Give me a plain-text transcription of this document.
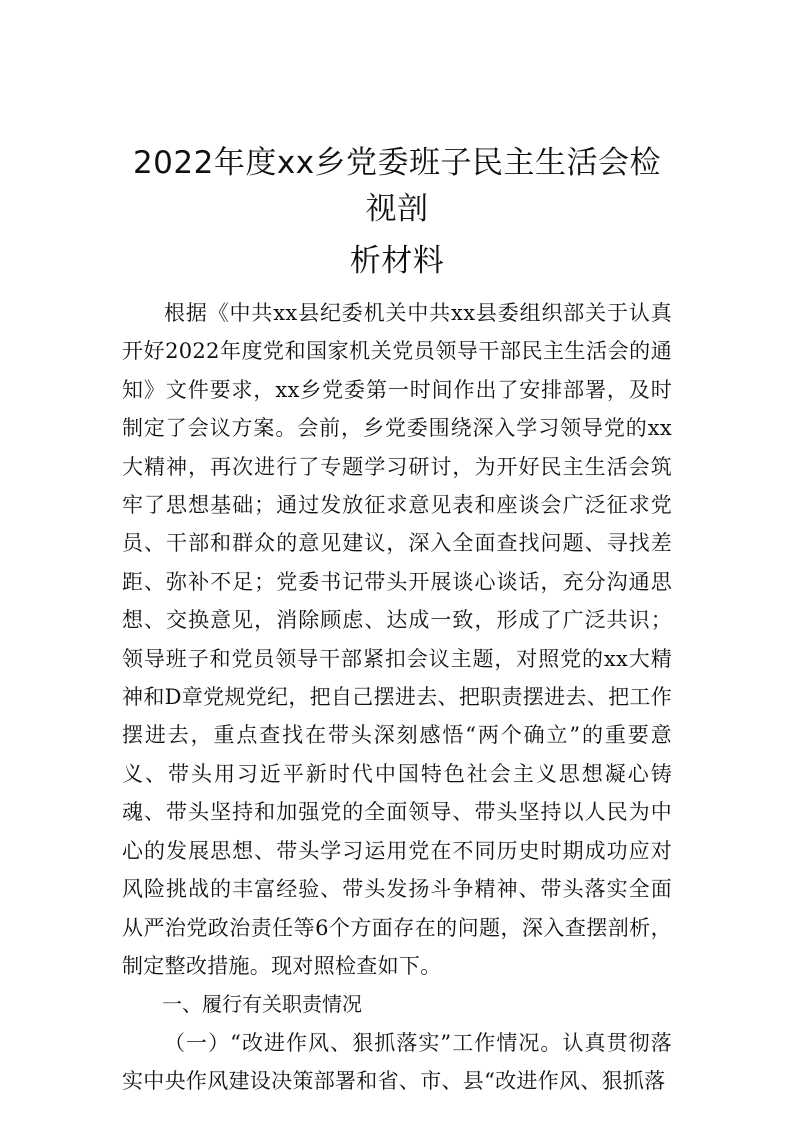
2022年度xx乡党委班子民主生活会检视剖
析材料

根据《中共xx县纪委机关中共xx县委组织部关于认真开好2022年度党和国家机关党员领导干部民主生活会的通知》文件要求，xx乡党委第一时间作出了安排部署，及时制定了会议方案。会前，乡党委围绕深入学习领导党的xx大精神，再次进行了专题学习研讨，为开好民主生活会筑牢了思想基础；通过发放征求意见表和座谈会广泛征求党员、干部和群众的意见建议，深入全面查找问题、寻找差距、弥补不足；党委书记带头开展谈心谈话，充分沟通思想、交换意见，消除顾虑、达成一致，形成了广泛共识；领导班子和党员领导干部紧扣会议主题，对照党的xx大精神和D章党规党纪，把自己摆进去、把职责摆进去、把工作摆进去，重点查找在带头深刻感悟“两个确立”的重要意义、带头用习近平新时代中国特色社会主义思想凝心铸魂、带头坚持和加强党的全面领导、带头坚持以人民为中心的发展思想、带头学习运用党在不同历史时期成功应对风险挑战的丰富经验、带头发扬斗争精神、带头落实全面从严治党政治责任等6个方面存在的问题，深入查摆剖析，制定整改措施。现对照检查如下。

一、履行有关职责情况

（一）“改进作风、狠抓落实”工作情况。认真贯彻落实中央作风建设决策部署和省、市、县“改进作风、狠抓落
